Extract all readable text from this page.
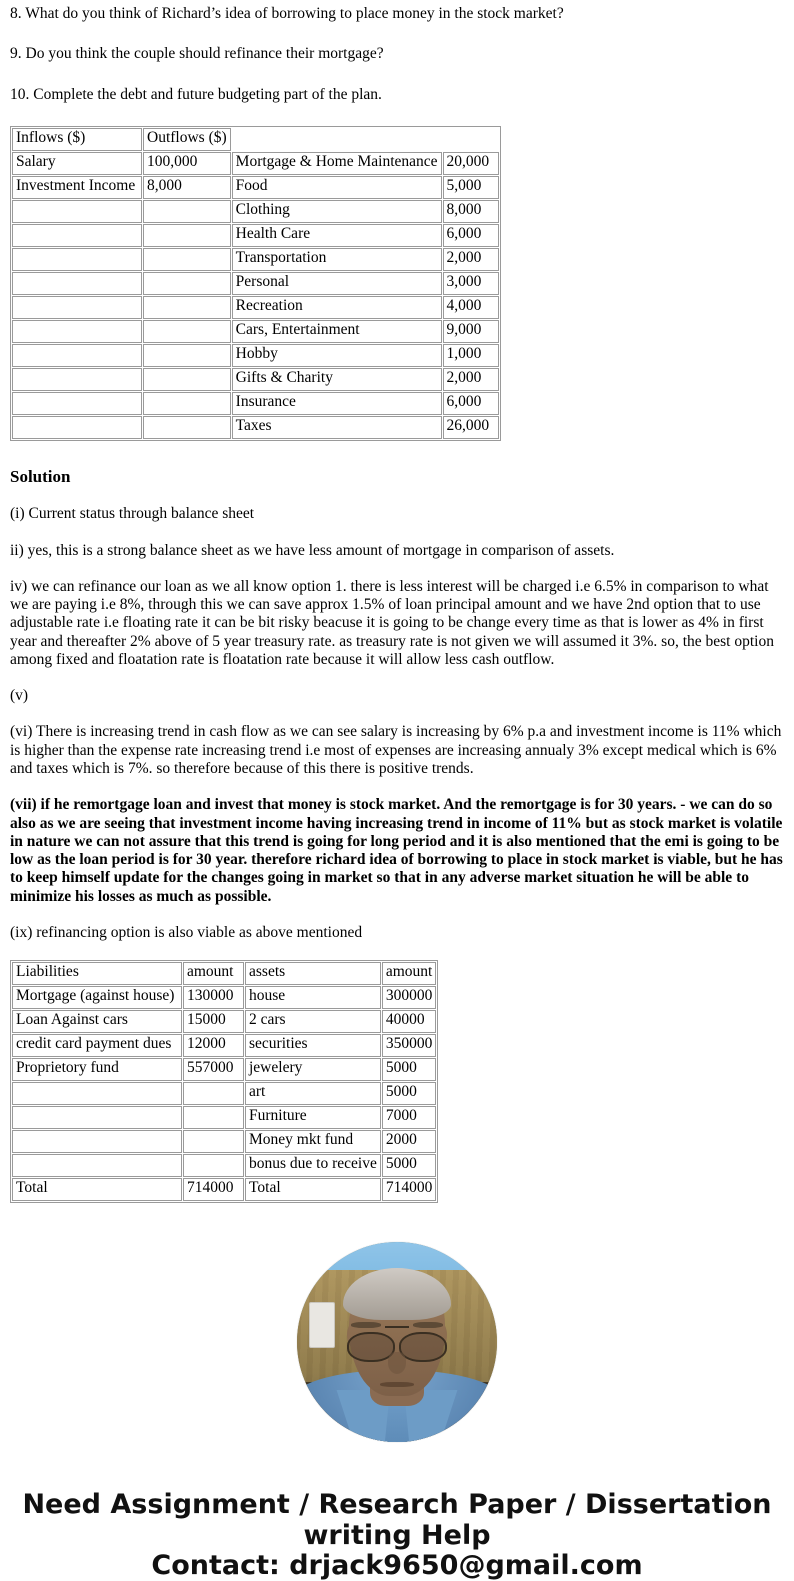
8. What do you think of Richard’s idea of borrowing to place money in the stock market?

9. Do you think the couple should refinance their mortgage?

10. Complete the debt and future budgeting part of the plan.

Inflows ($)	Outflows ($)		
Salary	100,000	Mortgage & Home Maintenance	20,000
Investment Income	8,000	Food	5,000
		Clothing	8,000
		Health Care	6,000
		Transportation	2,000
		Personal	3,000
		Recreation	4,000
		Cars, Entertainment	9,000
		Hobby	1,000
		Gifts & Charity	2,000
		Insurance	6,000
		Taxes	26,000
Solution

(i) Current status through balance sheet

ii) yes, this is a strong balance sheet as we have less amount of mortgage in comparison of assets.

iv) we can refinance our loan as we all know option 1. there is less interest will be charged i.e 6.5% in comparison to what we are paying i.e 8%, through this we can save approx 1.5% of loan principal amount and we have 2nd option that to use adjustable rate i.e floating rate it can be bit risky beacuse it is going to be change every time as that is lower as 4% in first year and thereafter 2% above of 5 year treasury rate. as treasury rate is not given we will assumed it 3%. so, the best option among fixed and floatation rate is floatation rate because it will allow less cash outflow.

(v)

(vi) There is increasing trend in cash flow as we can see salary is increasing by 6% p.a and investment income is 11% which is higher than the expense rate increasing trend i.e most of expenses are increasing annualy 3% except medical which is 6% and taxes which is 7%. so therefore because of this there is positive trends.

(vii) if he remortgage loan and invest that money is stock market. And the remortgage is for 30 years. - we can do so also as we are seeing that investment income having increasing trend in income of 11% but as stock market is volatile in nature we can not assure that this trend is going for long period and it is also mentioned that the emi is going to be low as the loan period is for 30 year. therefore richard idea of borrowing to place in stock market is viable, but he has to keep himself update for the changes going in market so that in any adverse market situation he will be able to minimize his losses as much as possible.

(ix) refinancing option is also viable as above mentioned

Liabilities	amount	assets	amount
Mortgage (against house)	130000	house	300000
Loan Against cars	15000	2 cars	40000
credit card payment dues	12000	securities	350000
Proprietory fund	557000	jewelery	5000
		art	5000
		Furniture	7000
		Money mkt fund	2000
		bonus due to receive	5000
Total	714000	Total	714000
Need Assignment / Research Paper / Dissertation
writing Help
Contact: drjack9650@gmail.com
